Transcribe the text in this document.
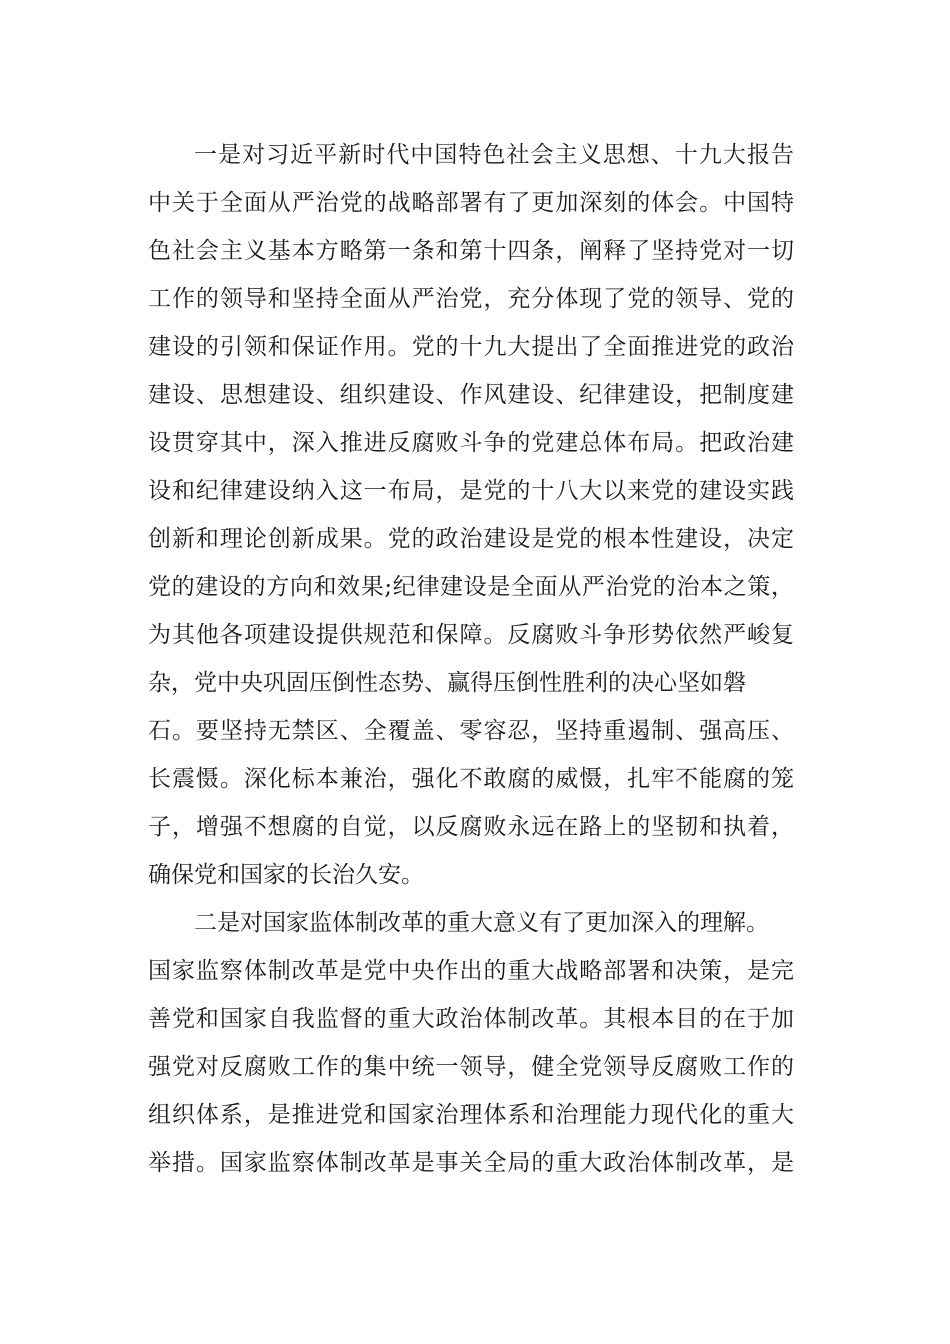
一是对习近平新时代中国特色社会主义思想、十九大报告
中关于全面从严治党的战略部署有了更加深刻的体会。中国特
色社会主义基本方略第一条和第十四条，阐释了坚持党对一切
工作的领导和坚持全面从严治党，充分体现了党的领导、党的
建设的引领和保证作用。党的十九大提出了全面推进党的政治
建设、思想建设、组织建设、作风建设、纪律建设，把制度建
设贯穿其中，深入推进反腐败斗争的党建总体布局。把政治建
设和纪律建设纳入这一布局，是党的十八大以来党的建设实践
创新和理论创新成果。党的政治建设是党的根本性建设，决定
党的建设的方向和效果;纪律建设是全面从严治党的治本之策，
为其他各项建设提供规范和保障。反腐败斗争形势依然严峻复
杂，党中央巩固压倒性态势、赢得压倒性胜利的决心坚如磐
石。要坚持无禁区、全覆盖、零容忍，坚持重遏制、强高压、
长震慑。深化标本兼治，强化不敢腐的威慑，扎牢不能腐的笼
子，增强不想腐的自觉，以反腐败永远在路上的坚韧和执着，
确保党和国家的长治久安。
二是对国家监体制改革的重大意义有了更加深入的理解。
国家监察体制改革是党中央作出的重大战略部署和决策，是完
善党和国家自我监督的重大政治体制改革。其根本目的在于加
强党对反腐败工作的集中统一领导，健全党领导反腐败工作的
组织体系，是推进党和国家治理体系和治理能力现代化的重大
举措。国家监察体制改革是事关全局的重大政治体制改革，是
